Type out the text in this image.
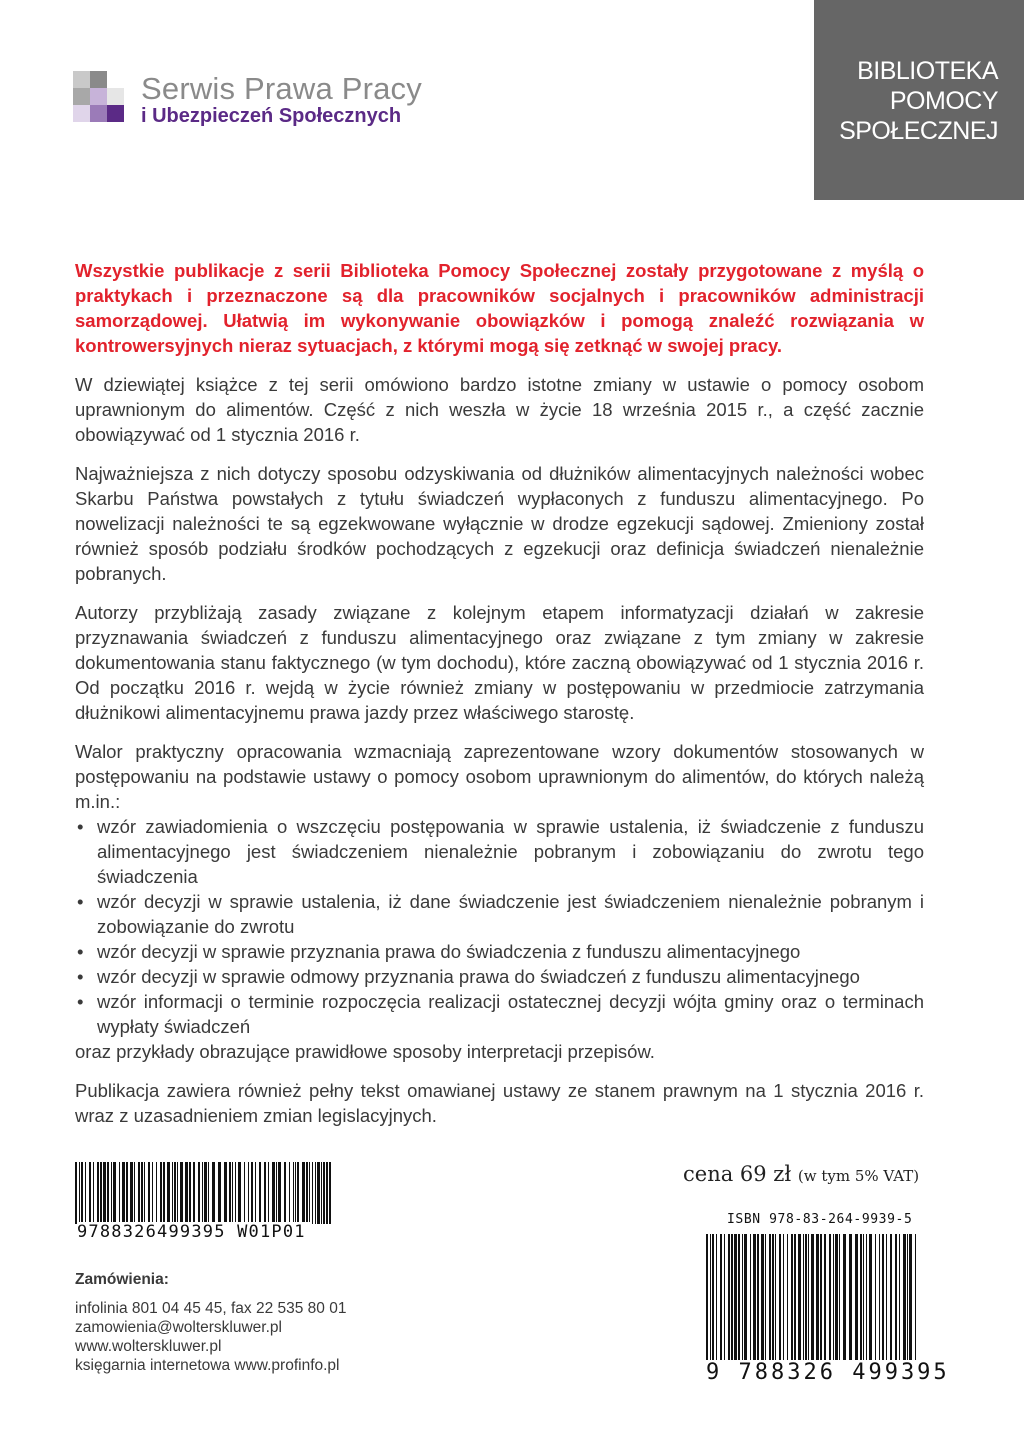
Serwis Prawa Pracy
i Ubezpieczeń Społecznych
BIBLIOTEKA
POMOCY
SPOŁECZNEJ

Wszystkie publikacje z serii Biblioteka Pomocy Społecznej zostały przygotowane z myślą o praktykach i przeznaczone są dla pracowników socjalnych i pracowników administracji samorządowej. Ułatwią im wykonywanie obowiązków i pomogą znaleźć rozwiązania w kontrowersyjnych nieraz sytuacjach, z którymi mogą się zetknąć w swojej pracy.

W dziewiątej książce z tej serii omówiono bardzo istotne zmiany w ustawie o pomocy osobom uprawnionym do alimentów. Część z nich weszła w życie 18 września 2015 r., a część zacznie obowiązywać od 1 stycznia 2016 r.

Najważniejsza z nich dotyczy sposobu odzyskiwania od dłużników alimentacyjnych należności wobec Skarbu Państwa powstałych z tytułu świadczeń wypłaconych z funduszu alimentacyjnego. Po nowelizacji należności te są egzekwowane wyłącznie w drodze egzekucji sądowej. Zmieniony został również sposób podziału środków pochodzących z egzekucji oraz definicja świadczeń nienależnie pobranych.

Autorzy przybliżają zasady związane z kolejnym etapem informatyzacji działań w zakresie przyznawania świadczeń z funduszu alimentacyjnego oraz związane z tym zmiany w zakresie dokumentowania stanu faktycznego (w tym dochodu), które zaczną obowiązywać od 1 stycznia 2016 r. Od początku 2016 r. wejdą w życie również zmiany w postępowaniu w przedmiocie zatrzymania dłużnikowi alimentacyjnemu prawa jazdy przez właściwego starostę.

Walor praktyczny opracowania wzmacniają zaprezentowane wzory dokumentów stosowanych w postępowaniu na podstawie ustawy o pomocy osobom uprawnionym do alimentów, do których należą m.in.:

• wzór zawiadomienia o wszczęciu postępowania w sprawie ustalenia, iż świadczenie z funduszu alimentacyjnego jest świadczeniem nienależnie pobranym i zobowiązaniu do zwrotu tego świadczenia
• wzór decyzji w sprawie ustalenia, iż dane świadczenie jest świadczeniem nienależnie pobranym i zobowiązanie do zwrotu
• wzór decyzji w sprawie przyznania prawa do świadczenia z funduszu alimentacyjnego
• wzór decyzji w sprawie odmowy przyznania prawa do świadczeń z funduszu alimentacyjnego
• wzór informacji o terminie rozpoczęcia realizacji ostatecznej decyzji wójta gminy oraz o terminach wypłaty świadczeń

oraz przykłady obrazujące prawidłowe sposoby interpretacji przepisów.

Publikacja zawiera również pełny tekst omawianej ustawy ze stanem prawnym na 1 stycznia 2016 r. wraz z uzasadnieniem zmian legislacyjnych.

9788326499395 W01P01
Zamówienia:
infolinia 801 04 45 45, fax 22 535 80 01
zamowienia@wolterskluwer.pl
www.wolterskluwer.pl
księgarnia internetowa www.profinfo.pl
cena 69 zł (w tym 5% VAT)
ISBN 978-83-264-9939-5
9 788326 499395
